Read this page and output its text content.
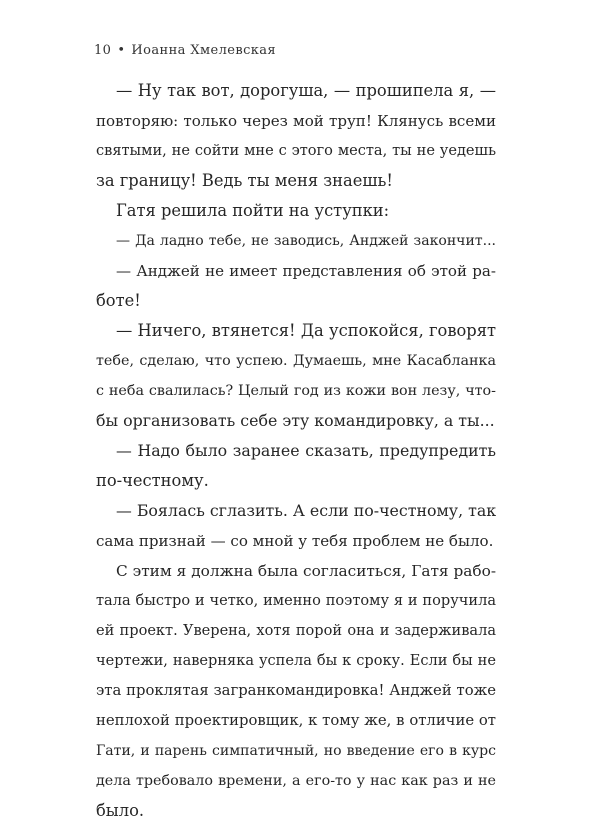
10 • Иоанна Хмелевская
— Ну так вот, дорогуша, — прошипела я, —
повторяю: только через мой труп! Клянусь всеми
святыми, не сойти мне с этого места, ты не уедешь
за границу! Ведь ты меня знаешь!
Гатя решила пойти на уступки:
— Да ладно тебе, не заводись, Анджей закончит...
— Анджей не имеет представления об этой ра-
боте!
— Ничего, втянется! Да успокойся, говорят
тебе, сделаю, что успею. Думаешь, мне Касабланка
с неба свалилась? Целый год из кожи вон лезу, что-
бы организовать себе эту командировку, а ты...
— Надо было заранее сказать, предупредить
по-честному.
— Боялась сглазить. А если по-честному, так
сама признай — со мной у тебя проблем не было.
С этим я должна была согласиться, Гатя рабо-
тала быстро и четко, именно поэтому я и поручила
ей проект. Уверена, хотя порой она и задерживала
чертежи, наверняка успела бы к сроку. Если бы не
эта проклятая загранкомандировка! Анджей тоже
неплохой проектировщик, к тому же, в отличие от
Гати, и парень симпатичный, но введение его в курс
дела требовало времени, а его-то у нас как раз и не
было.
